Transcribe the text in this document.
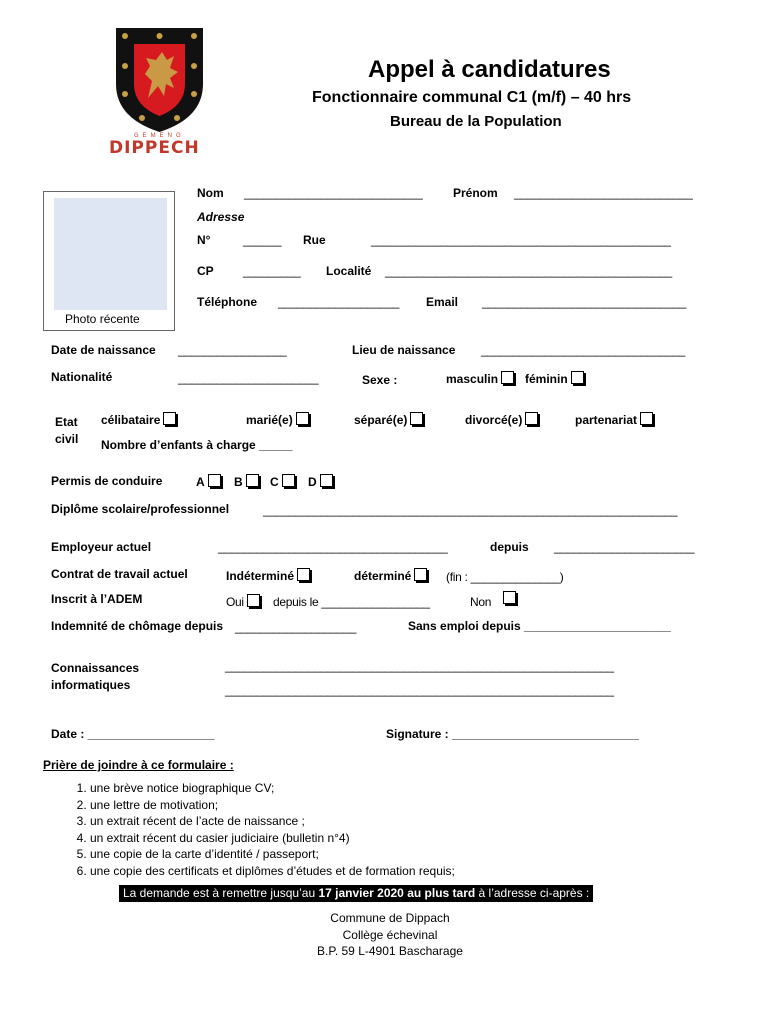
GEMENG
DIPPECH
Appel à candidatures
Fonctionnaire communal C1 (m/f) – 40 hrs
Bureau de la Population
Photo récente
Nom ____________________________	Prénom ____________________________
Adresse
N°	______ Rue	_______________________________________________
CP _________ Localité _____________________________________________
Téléphone ___________________ Email ________________________________
Date de naissance _________________	Lieu de naissance ________________________________
Nationalité	______________________	Sexe :	masculin	féminin
Etat
civil
célibataire	marié(e)	séparé(e)	divorcé(e)	partenariat
Nombre d’enfants à charge _____
Permis de conduire	A	B	C	D
Diplôme scolaire/professionnel	_________________________________________________________________
Employeur actuel	____________________________________	depuis ______________________
Contrat de travail actuel	Indéterminé	déterminé	(fin : ______________)
Inscrit à l’ADEM	Oui	depuis le _________________	Non
Indemnité de chômage depuis ___________________	Sans emploi depuis ______________________
Connaissances
informatiques
_____________________________________________________________
_____________________________________________________________
Date : ___________________	Signature : ____________________________
Prière de joindre à ce formulaire :
1. une brève notice biographique CV;
2. une lettre de motivation;
3. un extrait récent de l’acte de naissance ;
4. un extrait récent du casier judiciaire (bulletin n°4)
5. une copie de la carte d’identité / passeport;
6. une copie des certificats et diplômes d’études et de formation requis;
La demande est à remettre jusqu’au 17 janvier 2020 au plus tard à l’adresse ci-après :
Commune de Dippach
Collège échevinal
B.P. 59 L-4901 Bascharage
